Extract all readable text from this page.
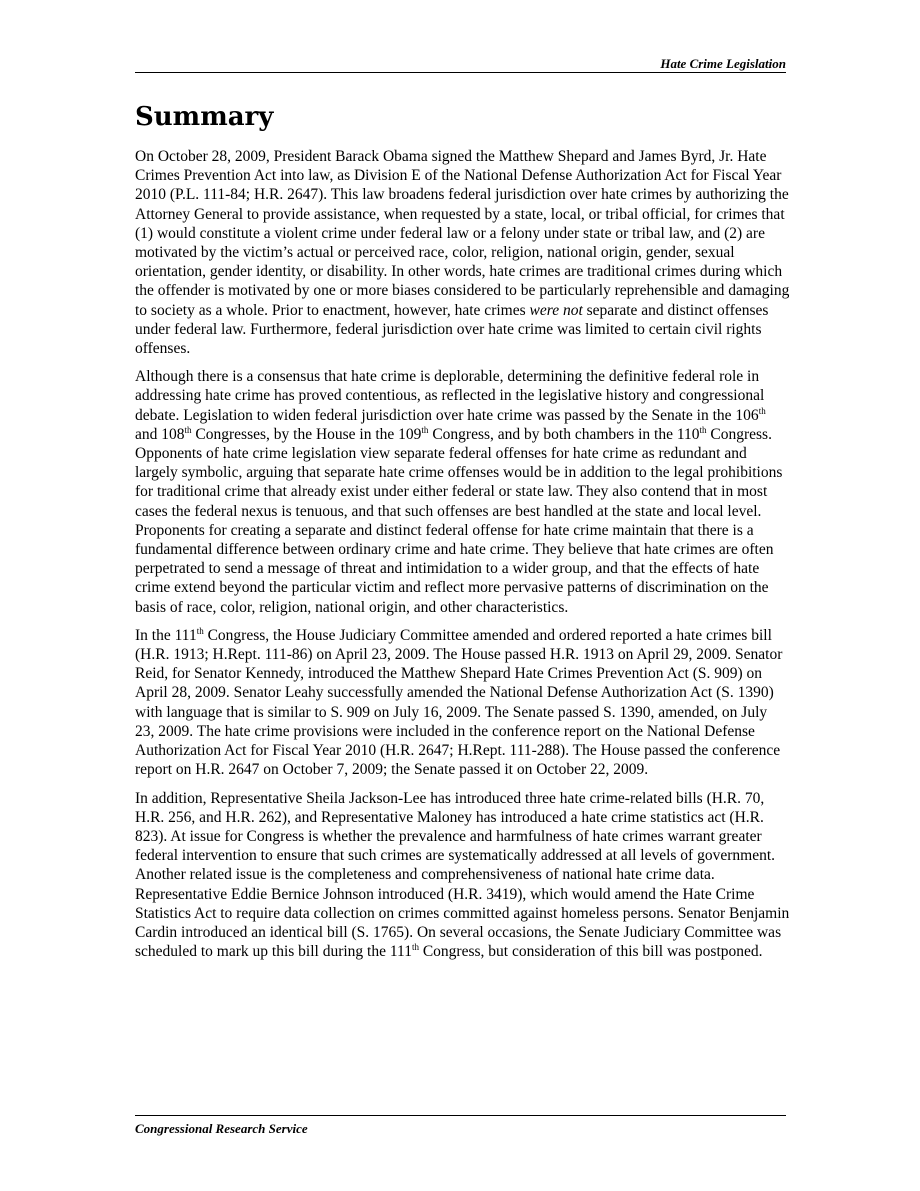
Hate Crime Legislation
Summary

On October 28, 2009, President Barack Obama signed the Matthew Shepard and James Byrd, Jr. Hate Crimes Prevention Act into law, as Division E of the National Defense Authorization Act for Fiscal Year 2010 (P.L. 111-84; H.R. 2647). This law broadens federal jurisdiction over hate crimes by authorizing the Attorney General to provide assistance, when requested by a state, local, or tribal official, for crimes that (1) would constitute a violent crime under federal law or a felony under state or tribal law, and (2) are motivated by the victim’s actual or perceived race, color, religion, national origin, gender, sexual orientation, gender identity, or disability. In other words, hate crimes are traditional crimes during which the offender is motivated by one or more biases considered to be particularly reprehensible and damaging to society as a whole. Prior to enactment, however, hate crimes were not separate and distinct offenses under federal law. Furthermore, federal jurisdiction over hate crime was limited to certain civil rights offenses.

Although there is a consensus that hate crime is deplorable, determining the definitive federal role in addressing hate crime has proved contentious, as reflected in the legislative history and congressional debate. Legislation to widen federal jurisdiction over hate crime was passed by the Senate in the 106th and 108th Congresses, by the House in the 109th Congress, and by both chambers in the 110th Congress. Opponents of hate crime legislation view separate federal offenses for hate crime as redundant and largely symbolic, arguing that separate hate crime offenses would be in addition to the legal prohibitions for traditional crime that already exist under either federal or state law. They also contend that in most cases the federal nexus is tenuous, and that such offenses are best handled at the state and local level. Proponents for creating a separate and distinct federal offense for hate crime maintain that there is a fundamental difference between ordinary crime and hate crime. They believe that hate crimes are often perpetrated to send a message of threat and intimidation to a wider group, and that the effects of hate crime extend beyond the particular victim and reflect more pervasive patterns of discrimination on the basis of race, color, religion, national origin, and other characteristics.

In the 111th Congress, the House Judiciary Committee amended and ordered reported a hate crimes bill (H.R. 1913; H.Rept. 111-86) on April 23, 2009. The House passed H.R. 1913 on April 29, 2009. Senator Reid, for Senator Kennedy, introduced the Matthew Shepard Hate Crimes Prevention Act (S. 909) on April 28, 2009. Senator Leahy successfully amended the National Defense Authorization Act (S. 1390) with language that is similar to S. 909 on July 16, 2009. The Senate passed S. 1390, amended, on July 23, 2009. The hate crime provisions were included in the conference report on the National Defense Authorization Act for Fiscal Year 2010 (H.R. 2647; H.Rept. 111-288). The House passed the conference report on H.R. 2647 on October 7, 2009; the Senate passed it on October 22, 2009.

In addition, Representative Sheila Jackson-Lee has introduced three hate crime-related bills (H.R. 70, H.R. 256, and H.R. 262), and Representative Maloney has introduced a hate crime statistics act (H.R. 823). At issue for Congress is whether the prevalence and harmfulness of hate crimes warrant greater federal intervention to ensure that such crimes are systematically addressed at all levels of government. Another related issue is the completeness and comprehensiveness of national hate crime data. Representative Eddie Bernice Johnson introduced (H.R. 3419), which would amend the Hate Crime Statistics Act to require data collection on crimes committed against homeless persons. Senator Benjamin Cardin introduced an identical bill (S. 1765). On several occasions, the Senate Judiciary Committee was scheduled to mark up this bill during the 111th Congress, but consideration of this bill was postponed.

Congressional Research Service
